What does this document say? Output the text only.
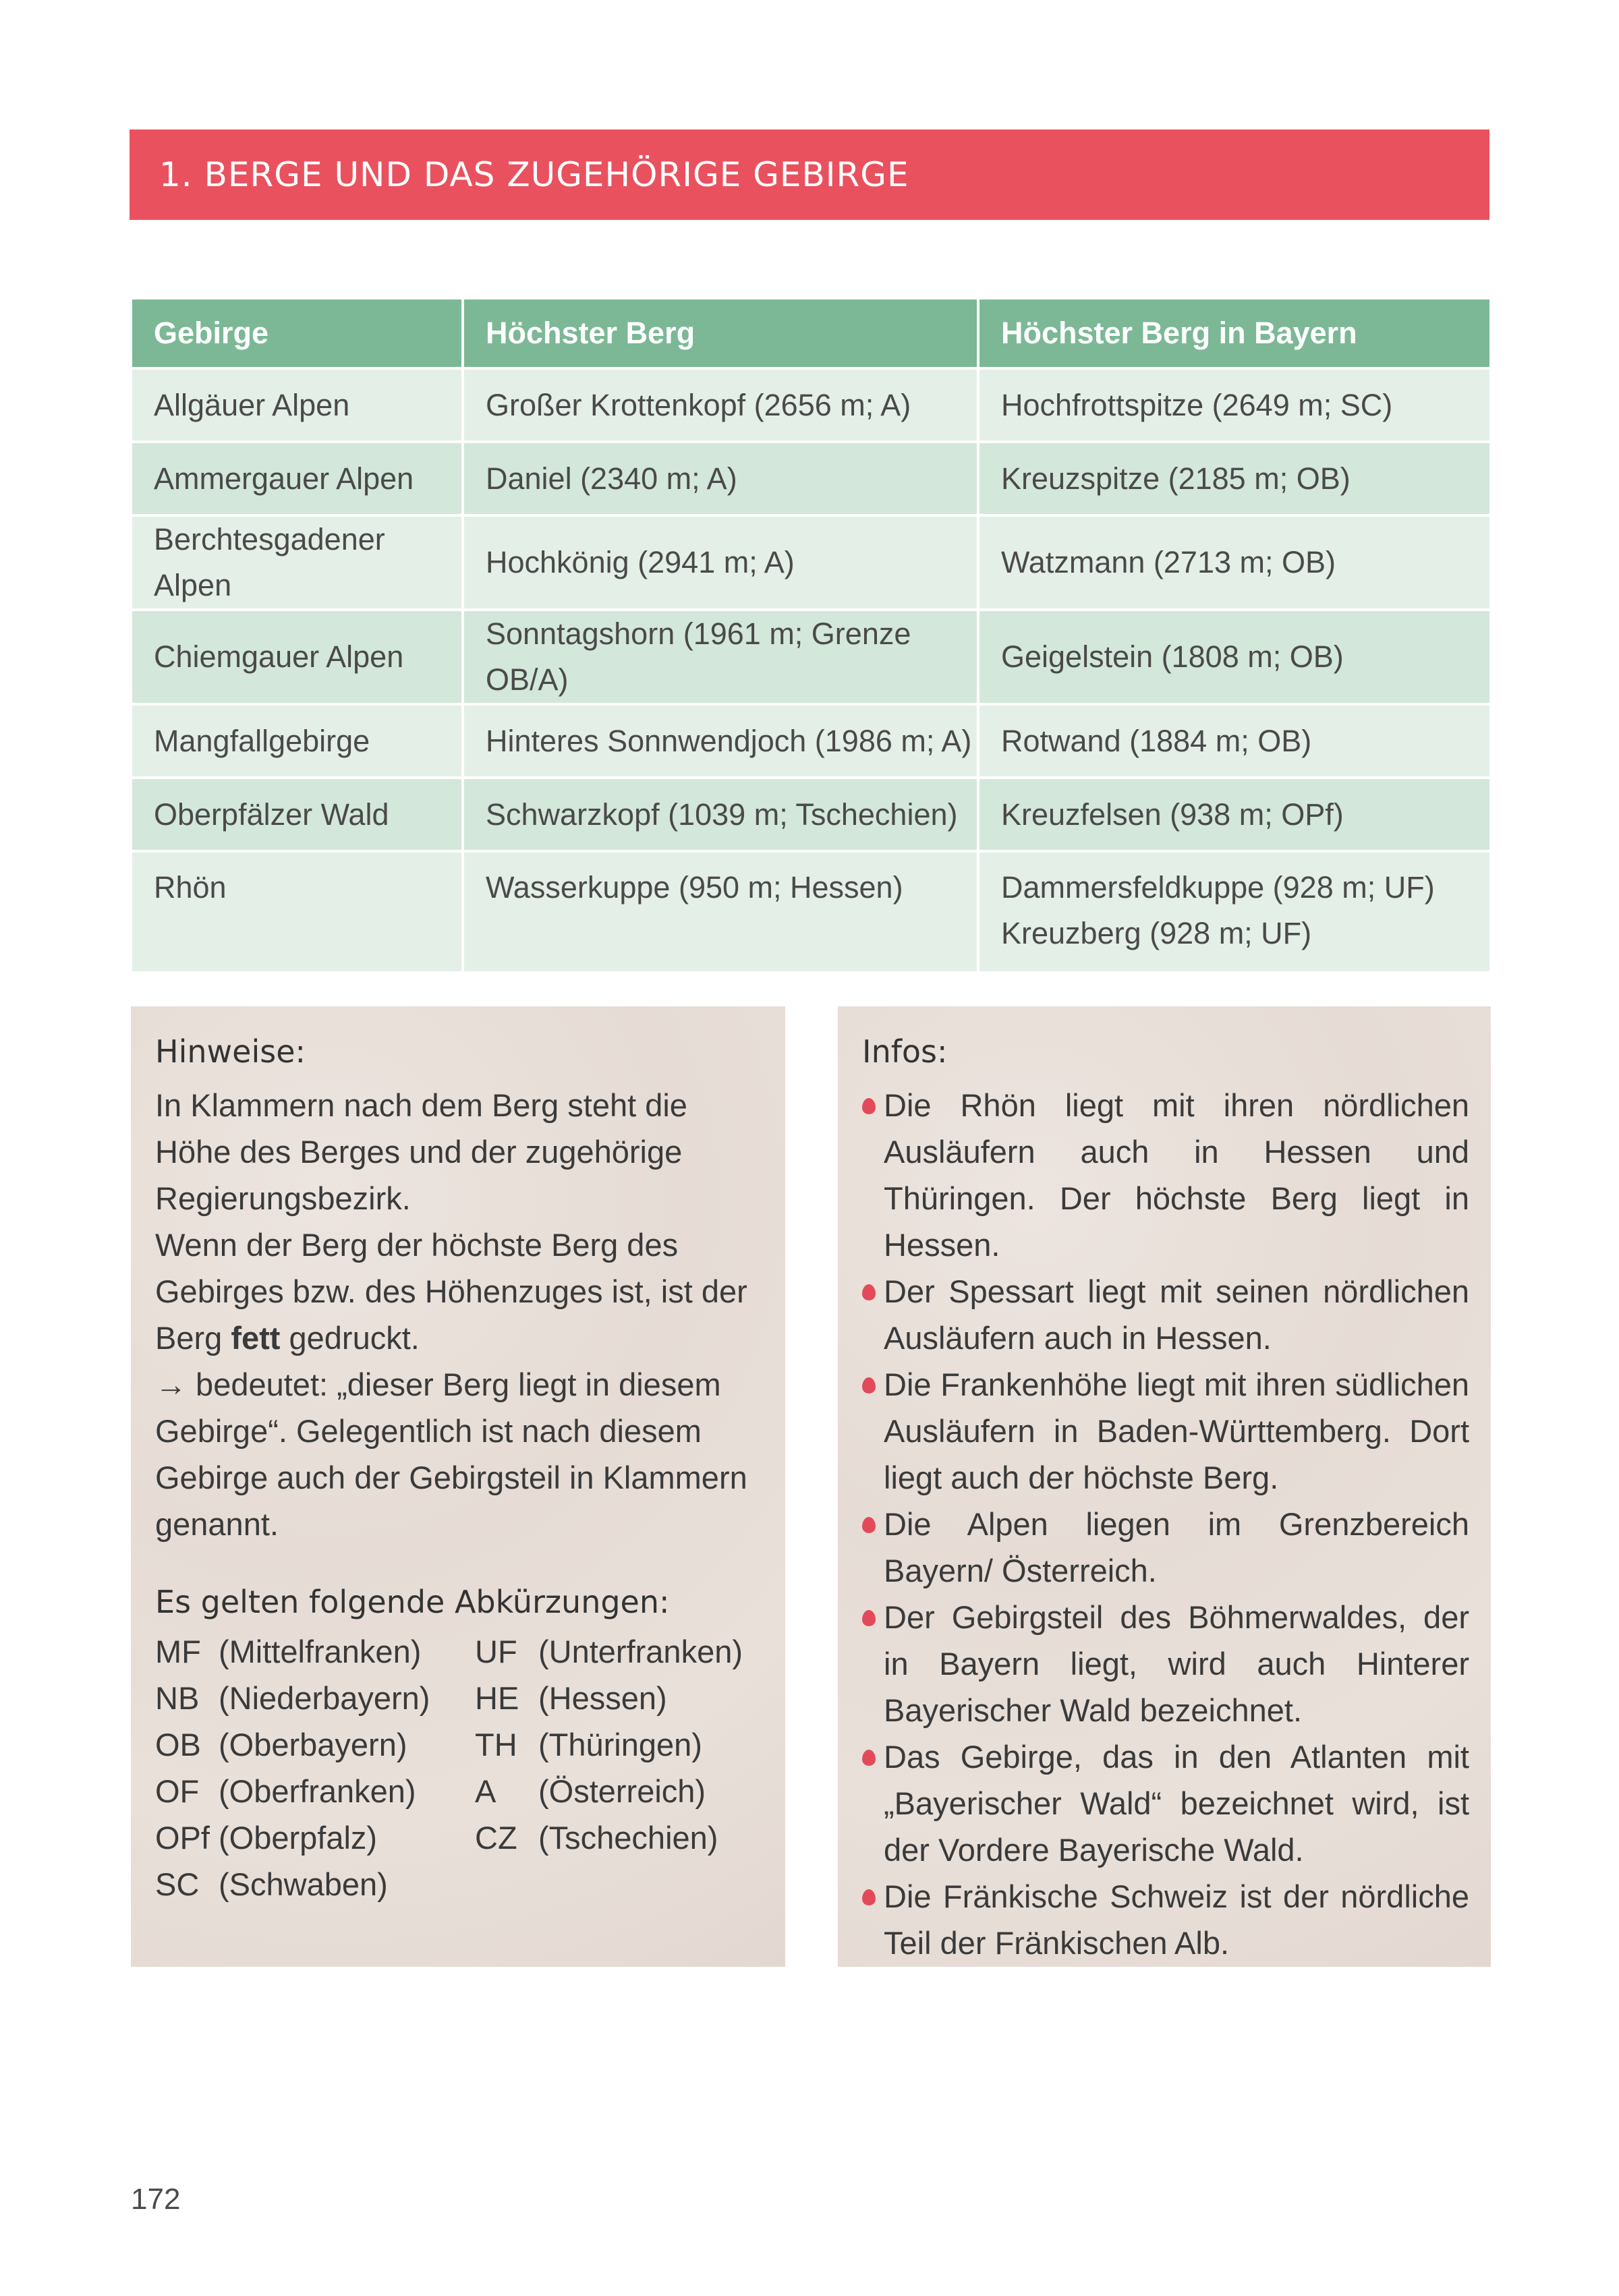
1. BERGE UND DAS ZUGEHÖRIGE GEBIRGE
Gebirge	Höchster Berg	Höchster Berg in Bayern
Allgäuer Alpen	Großer Krottenkopf (2656 m; A)	Hochfrottspitze (2649 m; SC)
Ammergauer Alpen	Daniel (2340 m; A)	Kreuzspitze (2185 m; OB)
Berchtesgadener Alpen	Hochkönig (2941 m; A)	Watzmann (2713 m; OB)
Chiemgauer Alpen	Sonntagshorn (1961 m; Grenze OB/A)	Geigelstein (1808 m; OB)
Mangfallgebirge	Hinteres Sonnwendjoch (1986 m; A)	Rotwand (1884 m; OB)
Oberpfälzer Wald	Schwarzkopf (1039 m; Tschechien)	Kreuzfelsen (938 m; OPf)
Rhön	Wasserkuppe (950 m; Hessen)	Dammersfeldkuppe (928 m; UF)
Kreuzberg (928 m; UF)
Hinweise:

In Klammern nach dem Berg steht die Höhe des Berges und der zugehörige Regierungsbezirk.

Wenn der Berg der höchste Berg des Gebirges bzw. des Höhenzuges ist, ist der Berg fett gedruckt.

→ bedeutet: „dieser Berg liegt in diesem Gebirge“. Gelegentlich ist nach diesem Gebirge auch der Gebirgsteil in Klammern genannt.

Es gelten folgende Abkürzungen:
MF (Mittelfranken)	UF (Unterfranken)
NB (Niederbayern)	HE (Hessen)
OB (Oberbayern)	TH (Thüringen)
OF (Oberfranken)	A	(Österreich)
OPf (Oberpfalz)	CZ (Tschechien)
SC (Schwaben)
Infos:
Die Rhön liegt mit ihren nördlichen Ausläufern auch in Hessen und Thüringen. Der höchste Berg liegt in Hessen.
Der Spessart liegt mit seinen nördlichen Ausläufern auch in Hessen.
Die Frankenhöhe liegt mit ihren südlichen Ausläufern in Baden-Württemberg. Dort liegt auch der höchste Berg.
Die Alpen liegen im Grenzbereich Bayern/ Österreich.
Der Gebirgsteil des Böhmerwaldes, der in Bayern liegt, wird auch Hinterer Bayerischer Wald bezeichnet.
Das Gebirge, das in den Atlanten mit „Bayerischer Wald“ bezeichnet wird, ist der Vordere Bayerische Wald.
Die Fränkische Schweiz ist der nördliche Teil der Fränkischen Alb.
172
